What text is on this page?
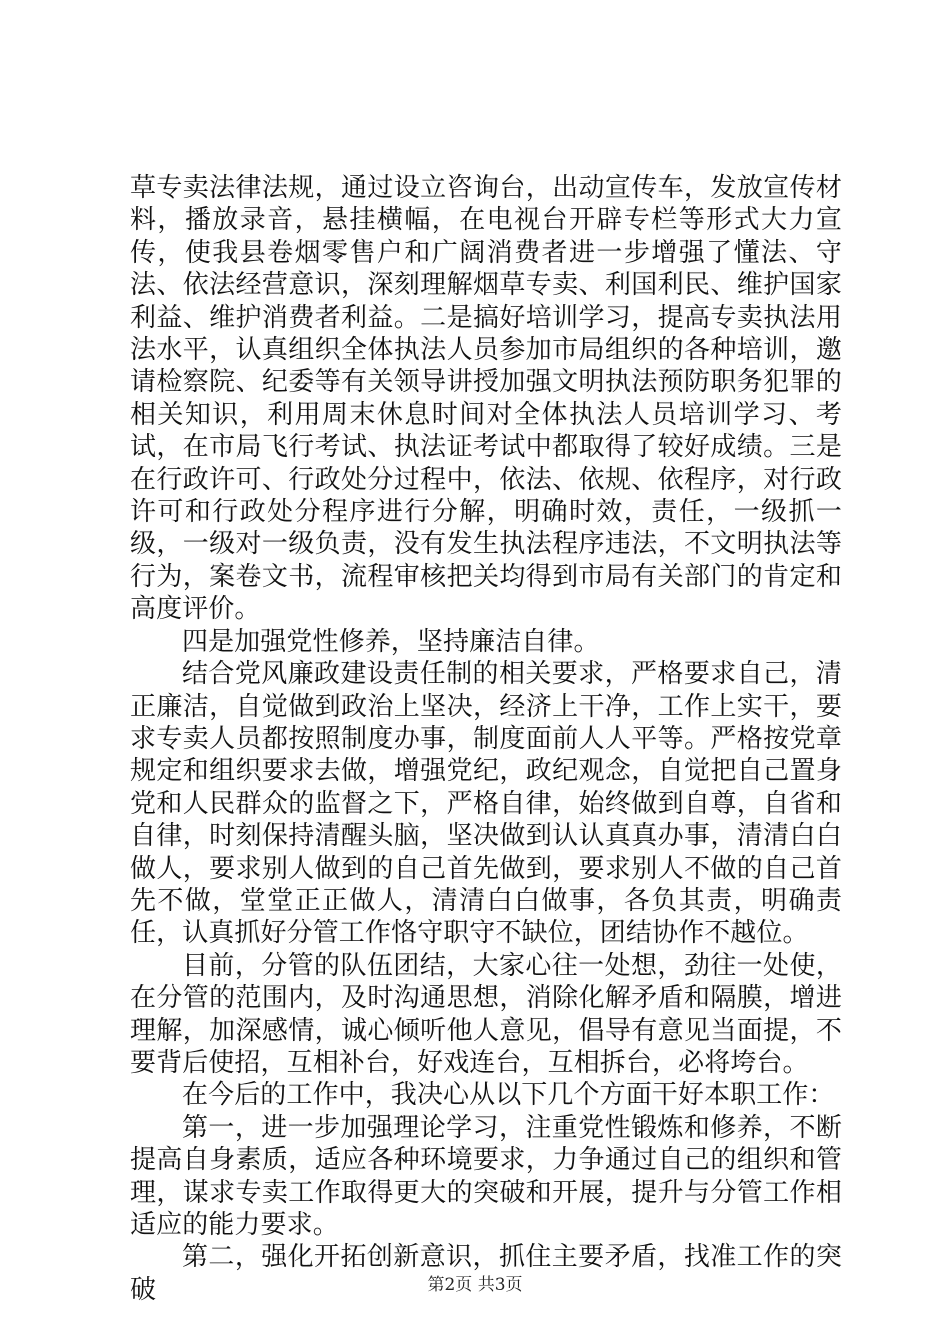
草专卖法律法规，通过设立咨询台，出动宣传车，发放宣传材料，播放录音，悬挂横幅，在电视台开辟专栏等形式大力宣传，使我县卷烟零售户和广阔消费者进一步增强了懂法、守法、依法经营意识，深刻理解烟草专卖、利国利民、维护国家利益、维护消费者利益。二是搞好培训学习，提高专卖执法用法水平，认真组织全体执法人员参加市局组织的各种培训，邀请检察院、纪委等有关领导讲授加强文明执法预防职务犯罪的相关知识，利用周末休息时间对全体执法人员培训学习、考试，在市局飞行考试、执法证考试中都取得了较好成绩。三是在行政许可、行政处分过程中，依法、依规、依程序，对行政许可和行政处分程序进行分解，明确时效，责任，一级抓一级，一级对一级负责，没有发生执法程序违法，不文明执法等行为，案卷文书，流程审核把关均得到市局有关部门的肯定和高度评价。

四是加强党性修养，坚持廉洁自律。

结合党风廉政建设责任制的相关要求，严格要求自己，清正廉洁，自觉做到政治上坚决，经济上干净，工作上实干，要求专卖人员都按照制度办事，制度面前人人平等。严格按党章规定和组织要求去做，增强党纪，政纪观念，自觉把自己置身党和人民群众的监督之下，严格自律，始终做到自尊，自省和自律，时刻保持清醒头脑，坚决做到认认真真办事，清清白白做人，要求别人做到的自己首先做到，要求别人不做的自己首先不做，堂堂正正做人，清清白白做事，各负其责，明确责任，认真抓好分管工作恪守职守不缺位，团结协作不越位。

目前，分管的队伍团结，大家心往一处想，劲往一处使，在分管的范围内，及时沟通思想，消除化解矛盾和隔膜，增进理解，加深感情，诚心倾听他人意见，倡导有意见当面提，不要背后使招，互相补台，好戏连台，互相拆台，必将垮台。

在今后的工作中，我决心从以下几个方面干好本职工作：

第一，进一步加强理论学习，注重党性锻炼和修养，不断提高自身素质，适应各种环境要求，力争通过自己的组织和管理，谋求专卖工作取得更大的突破和开展，提升与分管工作相适应的能力要求。

第二，强化开拓创新意识，抓住主要矛盾，找准工作的突破	第2页 共3页
